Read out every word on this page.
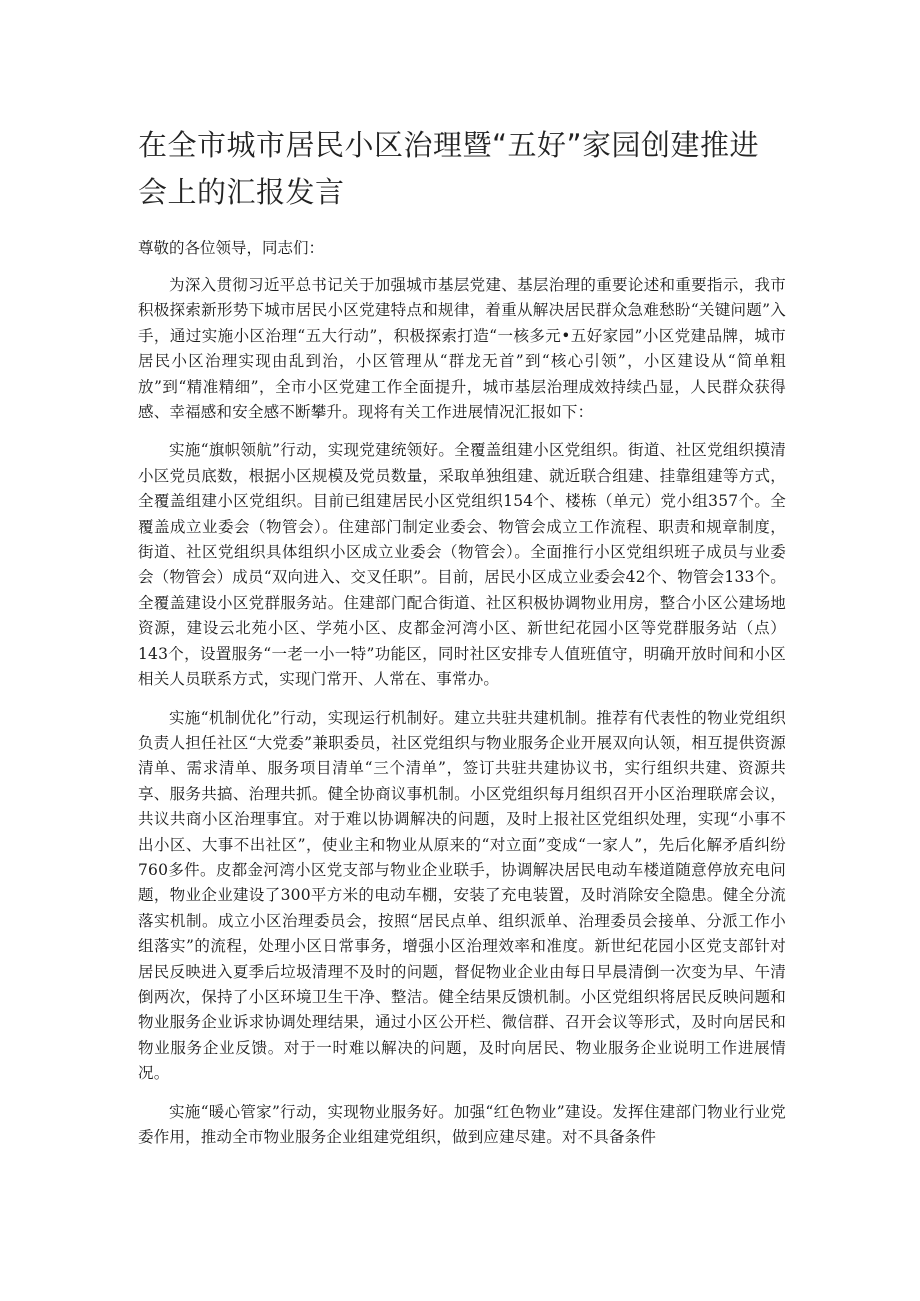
在全市城市居民小区治理暨“五好”家园创建推进会上的汇报发言

尊敬的各位领导，同志们：

为深入贯彻习近平总书记关于加强城市基层党建、基层治理的重要论述和重要指示，我市积极探索新形势下城市居民小区党建特点和规律，着重从解决居民群众急难愁盼“关键问题”入手，通过实施小区治理“五大行动”，积极探索打造“一核多元•五好家园”小区党建品牌，城市居民小区治理实现由乱到治，小区管理从“群龙无首”到“核心引领”，小区建设从“简单粗放”到“精准精细”，全市小区党建工作全面提升，城市基层治理成效持续凸显，人民群众获得感、幸福感和安全感不断攀升。现将有关工作进展情况汇报如下：

实施“旗帜领航”行动，实现党建统领好。全覆盖组建小区党组织。街道、社区党组织摸清小区党员底数，根据小区规模及党员数量，采取单独组建、就近联合组建、挂靠组建等方式，全覆盖组建小区党组织。目前已组建居民小区党组织154个、楼栋（单元）党小组357个。全覆盖成立业委会（物管会）。住建部门制定业委会、物管会成立工作流程、职责和规章制度，街道、社区党组织具体组织小区成立业委会（物管会）。全面推行小区党组织班子成员与业委会（物管会）成员“双向进入、交叉任职”。目前，居民小区成立业委会42个、物管会133个。全覆盖建设小区党群服务站。住建部门配合街道、社区积极协调物业用房，整合小区公建场地资源，建设云北苑小区、学苑小区、皮都金河湾小区、新世纪花园小区等党群服务站（点）143个，设置服务“一老一小一特”功能区，同时社区安排专人值班值守，明确开放时间和小区相关人员联系方式，实现门常开、人常在、事常办。

实施“机制优化”行动，实现运行机制好。建立共驻共建机制。推荐有代表性的物业党组织负责人担任社区“大党委”兼职委员，社区党组织与物业服务企业开展双向认领，相互提供资源清单、需求清单、服务项目清单“三个清单”，签订共驻共建协议书，实行组织共建、资源共享、服务共搞、治理共抓。健全协商议事机制。小区党组织每月组织召开小区治理联席会议，共议共商小区治理事宜。对于难以协调解决的问题，及时上报社区党组织处理，实现“小事不出小区、大事不出社区”，使业主和物业从原来的“对立面”变成“一家人”，先后化解矛盾纠纷760多件。皮都金河湾小区党支部与物业企业联手，协调解决居民电动车楼道随意停放充电问题，物业企业建设了300平方米的电动车棚，安装了充电装置，及时消除安全隐患。健全分流落实机制。成立小区治理委员会，按照“居民点单、组织派单、治理委员会接单、分派工作小组落实”的流程，处理小区日常事务，增强小区治理效率和准度。新世纪花园小区党支部针对居民反映进入夏季后垃圾清理不及时的问题，督促物业企业由每日早晨清倒一次变为早、午清倒两次，保持了小区环境卫生干净、整洁。健全结果反馈机制。小区党组织将居民反映问题和物业服务企业诉求协调处理结果，通过小区公开栏、微信群、召开会议等形式，及时向居民和物业服务企业反馈。对于一时难以解决的问题，及时向居民、物业服务企业说明工作进展情况。

实施“暖心管家”行动，实现物业服务好。加强“红色物业”建设。发挥住建部门物业行业党委作用，推动全市物业服务企业组建党组织，做到应建尽建。对不具备条件
